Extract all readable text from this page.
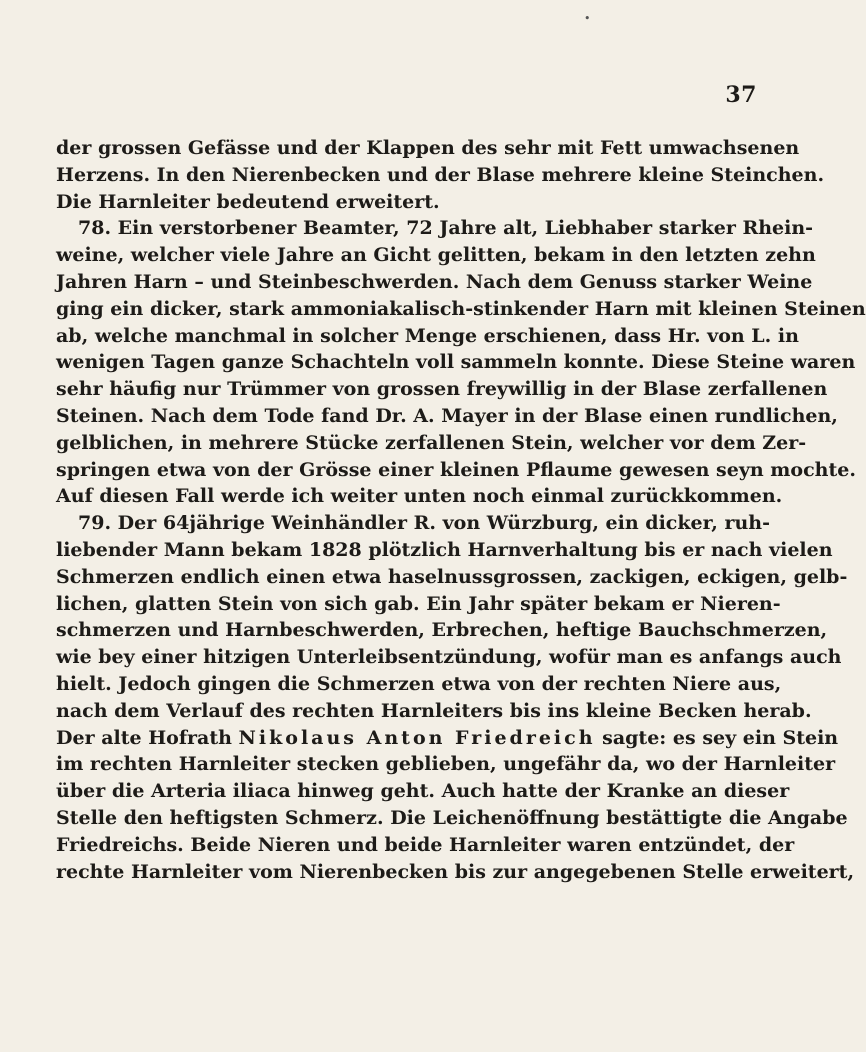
•
37
der grossen Gefässe und der Klappen des sehr mit Fett umwachsenen
Herzens. In den Nierenbecken und der Blase mehrere kleine Steinchen.
Die Harnleiter bedeutend erweitert.
78. Ein verstorbener Beamter, 72 Jahre alt, Liebhaber starker Rhein-
weine, welcher viele Jahre an Gicht gelitten, bekam in den letzten zehn
Jahren Harn – und Steinbeschwerden. Nach dem Genuss starker Weine
ging ein dicker, stark ammoniakalisch-stinkender Harn mit kleinen Steinen
ab, welche manchmal in solcher Menge erschienen, dass Hr. von L. in
wenigen Tagen ganze Schachteln voll sammeln konnte. Diese Steine waren
sehr häufig nur Trümmer von grossen freywillig in der Blase zerfallenen
Steinen. Nach dem Tode fand Dr. A. Mayer in der Blase einen rundlichen,
gelblichen, in mehrere Stücke zerfallenen Stein, welcher vor dem Zer-
springen etwa von der Grösse einer kleinen Pflaume gewesen seyn mochte.
Auf diesen Fall werde ich weiter unten noch einmal zurückkommen.
79. Der 64jährige Weinhändler R. von Würzburg, ein dicker, ruh-
liebender Mann bekam 1828 plötzlich Harnverhaltung bis er nach vielen
Schmerzen endlich einen etwa haselnussgrossen, zackigen, eckigen, gelb-
lichen, glatten Stein von sich gab. Ein Jahr später bekam er Nieren-
schmerzen und Harnbeschwerden, Erbrechen, heftige Bauchschmerzen,
wie bey einer hitzigen Unterleibsentzündung, wofür man es anfangs auch
hielt. Jedoch gingen die Schmerzen etwa von der rechten Niere aus,
nach dem Verlauf des rechten Harnleiters bis ins kleine Becken herab.
Der alte Hofrath Nikolaus Anton Friedreich sagte: es sey ein Stein
im rechten Harnleiter stecken geblieben, ungefähr da, wo der Harnleiter
über die Arteria iliaca hinweg geht. Auch hatte der Kranke an dieser
Stelle den heftigsten Schmerz. Die Leichenöffnung bestättigte die Angabe
Friedreichs. Beide Nieren und beide Harnleiter waren entzündet, der
rechte Harnleiter vom Nierenbecken bis zur angegebenen Stelle erweitert,
